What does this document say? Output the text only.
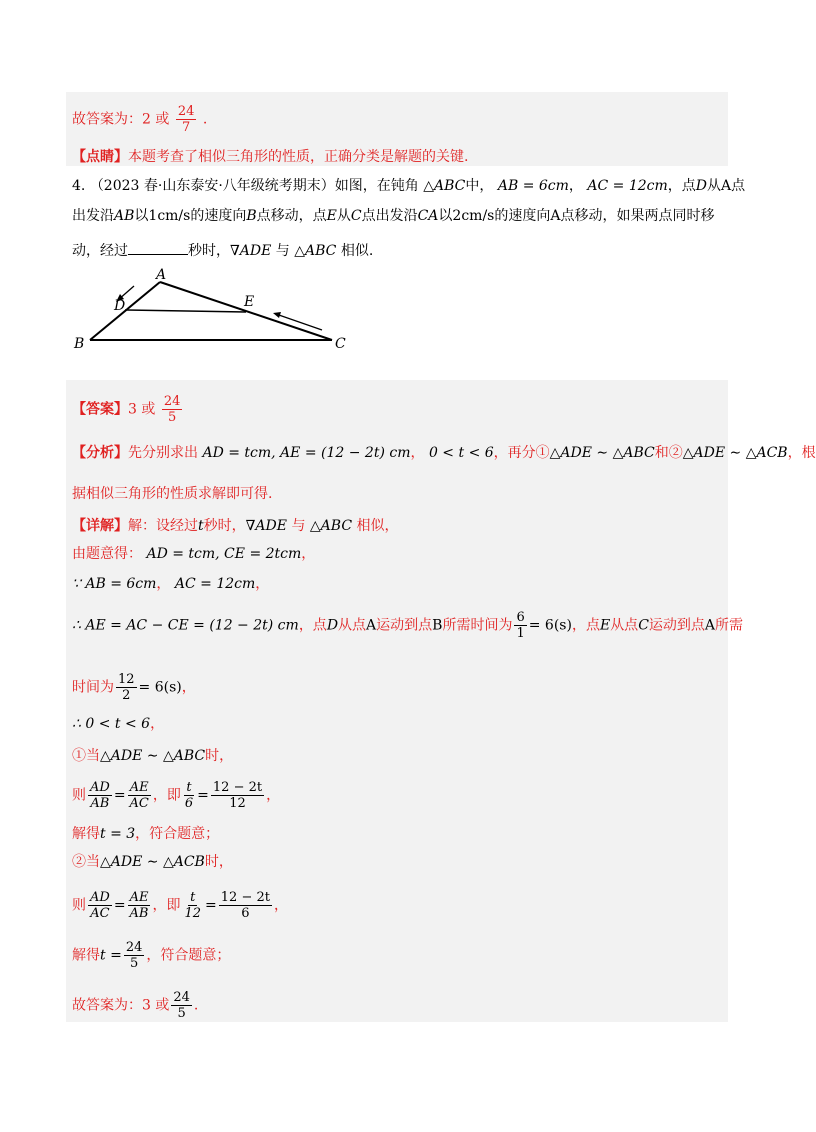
故答案为：2 或 $\frac{24}{7}$ .
【点睛】本题考查了相似三角形的性质，正确分类是解题的关键.
4. （2023 春·山东泰安·八年级统考期末）如图，在钝角 △ABC中， AB = 6cm， AC = 12cm，点D从A点
出发沿AB以1cm/s的速度向B点移动，点E从C点出发沿CA以2cm/s的速度向A点移动，如果两点同时移
动，经过	秒时，∇ADE 与 △ABC 相似.
A
B	C
D	E
【答案】3 或 $\frac{24}{5}$
【分析】先分别求出 AD = tcm, AE = (12 − 2t) cm， 0 < t < 6，再分①△ADE ∼ △ABC和②△ADE ∼ △ACB，根
据相似三角形的性质求解即可得.
【详解】解：设经过t秒时，∇ADE 与 △ABC 相似，
由题意得： AD = tcm, CE = 2tcm，
∵ AB = 6cm， AC = 12cm，
∴ AE = AC − CE = (12 − 2t) cm，点D从点A运动到点B所需时间为 $\frac{6}{1} = 6(s)$，点E从点C运动到点A所需
时间为 $\frac{12}{2} = 6(s)$，
∴ 0 < t < 6，
①当△ADE ∼ △ABC时，
则 $\frac{AD}{AB} = \frac{AE}{AC}$ ，即 $\frac{t}{6} = \frac{12 - 2t}{12}$ ，
解得t = 3，符合题意；
②当△ADE ∼ △ACB时，
则 $\frac{AD}{AC} = \frac{AE}{AB}$ ，即 $\frac{t}{12} = \frac{12 - 2t}{6}$ ，
解得$t = \frac{24}{5}$ ，符合题意；
故答案为：3 或 $\frac{24}{5}$ .
